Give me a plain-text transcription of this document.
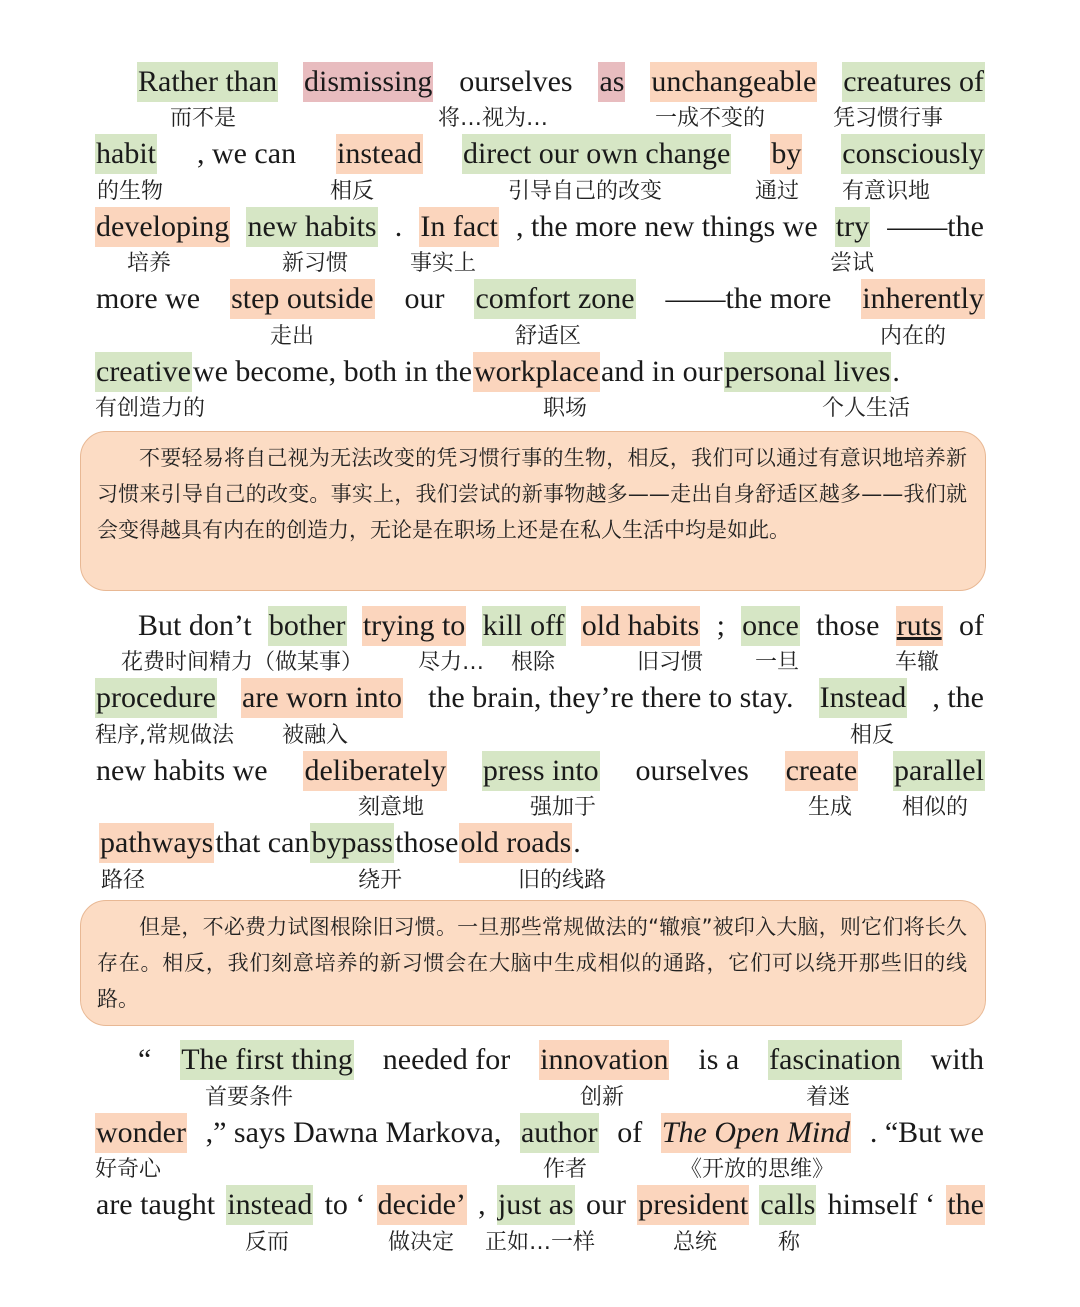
Rather than dismissing ourselves as unchangeable creatures of
habit , we can instead direct our own change by consciously
developing new habits . In fact , the more new things we try ——the
more we step outside our comfort zone ——the more inherently
creative we become, both in the workplace and in our personal lives .
而不是	将…视为…	一成不变的	凭习惯行事
的生物	相反	引导自己的改变	通过 有意识地
培养	新习惯	事实上	尝试
走出	舒适区	内在的
有创造力的	职场	个人生活
不要轻易将自己视为无法改变的凭习惯行事的生物，相反，我们可以通过有意识地培养新习惯来引导自己的改变。事实上，我们尝试的新事物越多——走出自身舒适区越多——我们就会变得越具有内在的创造力，无论是在职场上还是在私人生活中均是如此。
But don’t bother trying to kill off old habits ; once those ruts of
procedure are worn into the brain, they’re there to stay. Instead , the
new habits we deliberately press into ourselves create parallel
pathways that can bypass those old roads .
花费时间精力（做某事） 尽力… 根除	旧习惯 一旦	车辙
程序,常规做法 被融入	相反
刻意地	强加于	生成 相似的
路径	绕开	旧的线路
但是，不必费力试图根除旧习惯。一旦那些常规做法的“辙痕”被印入大脑，则它们将长久存在。相反，我们刻意培养的新习惯会在大脑中生成相似的通路，它们可以绕开那些旧的线路。
“ The first thing needed for innovation is a fascination with
wonder ,” says Dawna Markova, author of The Open Mind . “But we
are taught instead to ‘ decide’ , just as our president calls himself ‘ the
首要条件	创新	着迷
好奇心	作者	《开放的思维》
反而	做决定 正如…一样	总统	称
